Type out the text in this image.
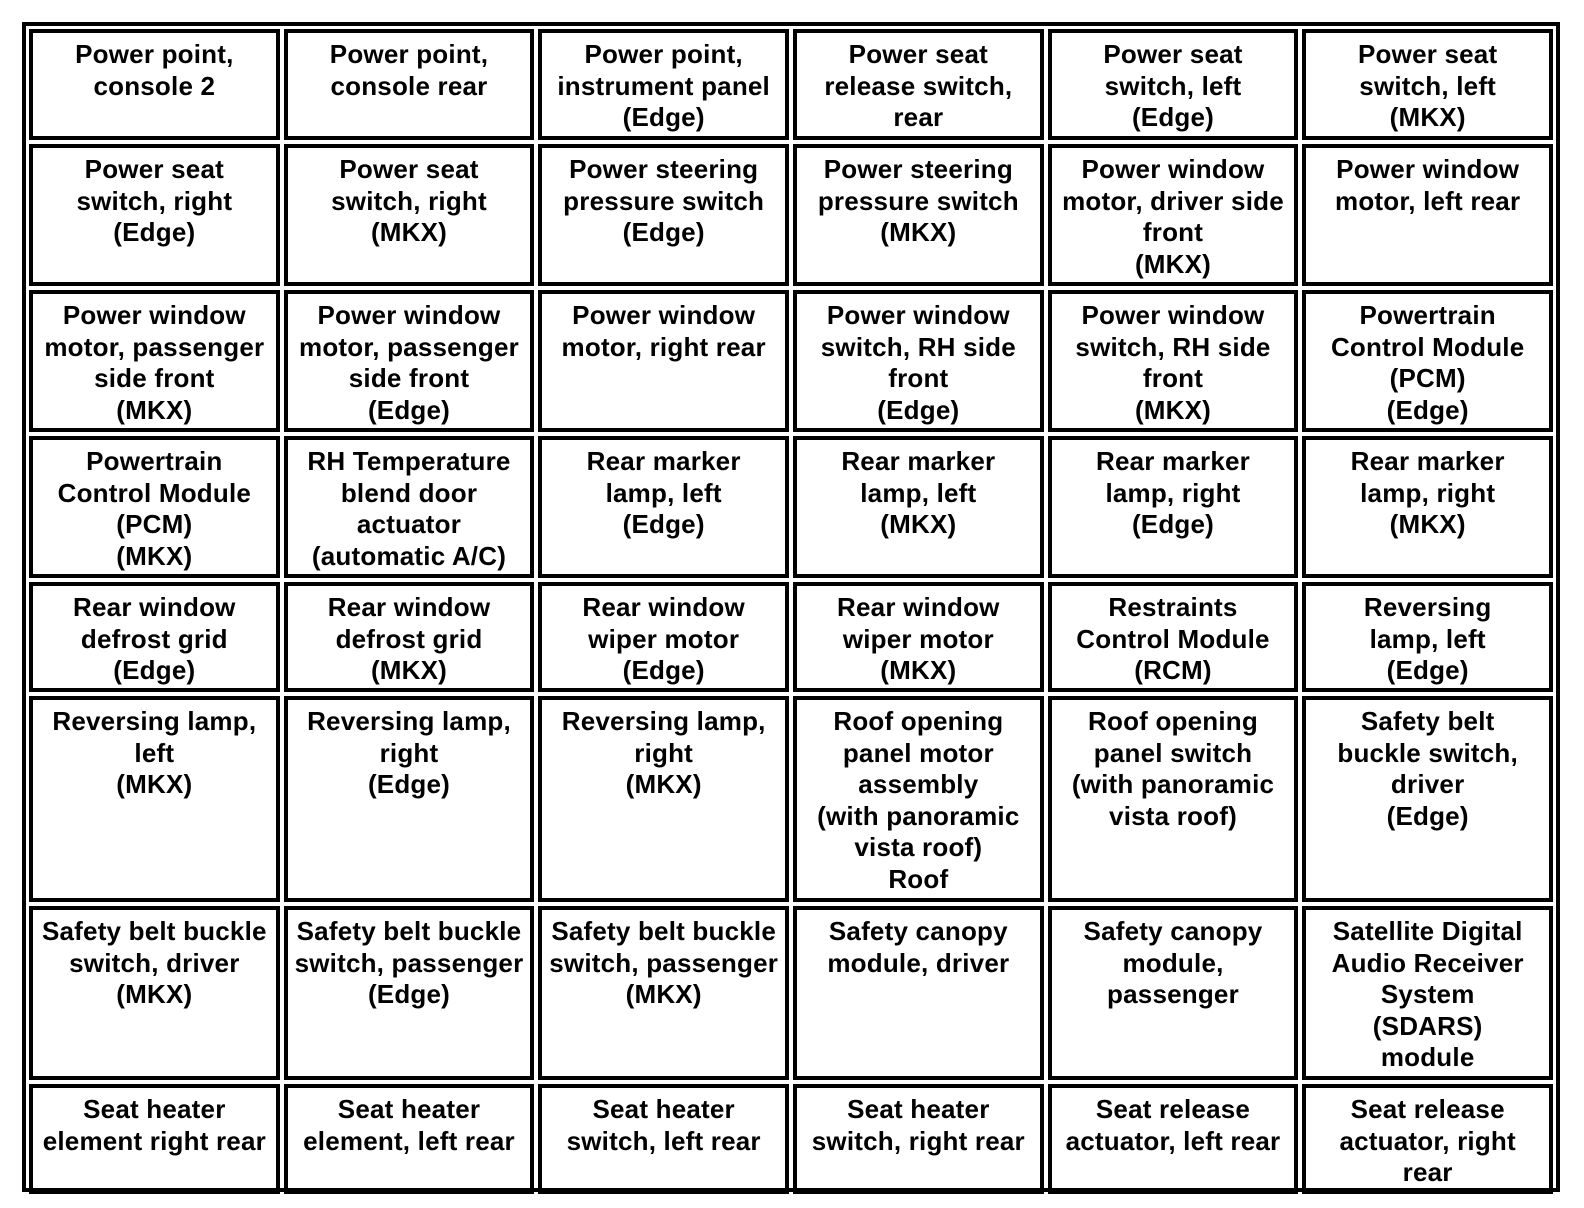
Power point,
console 2
Power point,
console rear
Power point,
instrument panel
(Edge)
Power seat
release switch,
rear
Power seat
switch, left
(Edge)
Power seat
switch, left
(MKX)
Power seat
switch, right
(Edge)
Power seat
switch, right
(MKX)
Power steering
pressure switch
(Edge)
Power steering
pressure switch
(MKX)
Power window
motor, driver side
front
(MKX)
Power window
motor, left rear
Power window
motor, passenger
side front
(MKX)
Power window
motor, passenger
side front
(Edge)
Power window
motor, right rear
Power window
switch, RH side
front
(Edge)
Power window
switch, RH side
front
(MKX)
Powertrain
Control Module
(PCM)
(Edge)
Powertrain
Control Module
(PCM)
(MKX)
RH Temperature
blend door
actuator
(automatic A/C)
Rear marker
lamp, left
(Edge)
Rear marker
lamp, left
(MKX)
Rear marker
lamp, right
(Edge)
Rear marker
lamp, right
(MKX)
Rear window
defrost grid
(Edge)
Rear window
defrost grid
(MKX)
Rear window
wiper motor
(Edge)
Rear window
wiper motor
(MKX)
Restraints
Control Module
(RCM)
Reversing
lamp, left
(Edge)
Reversing lamp,
left
(MKX)
Reversing lamp,
right
(Edge)
Reversing lamp,
right
(MKX)
Roof opening
panel motor
assembly
(with panoramic
vista roof)
Roof
Roof opening
panel switch
(with panoramic
vista roof)
Safety belt
buckle switch,
driver
(Edge)
Safety belt buckle
switch, driver
(MKX)
Safety belt buckle
switch, passenger
(Edge)
Safety belt buckle
switch, passenger
(MKX)
Safety canopy
module, driver
Safety canopy
module,
passenger
Satellite Digital
Audio Receiver
System
(SDARS)
module
Seat heater
element right rear
Seat heater
element, left rear
Seat heater
switch, left rear
Seat heater
switch, right rear
Seat release
actuator, left rear
Seat release
actuator, right
rear
